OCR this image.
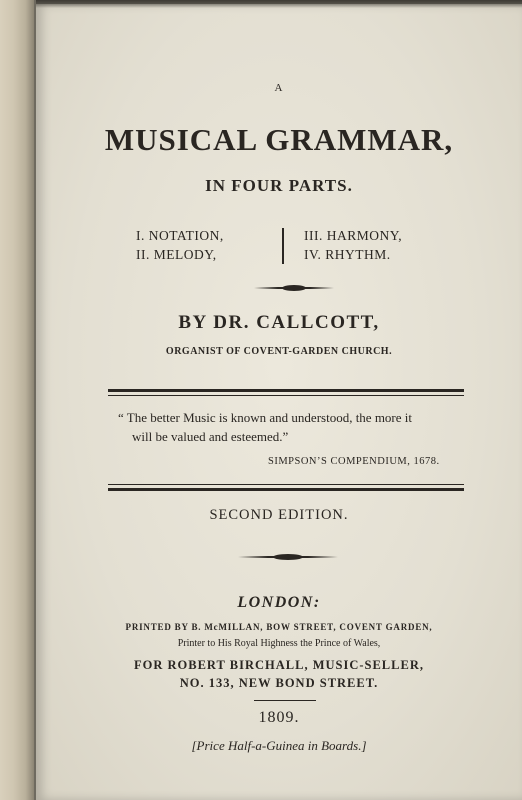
A
MUSICAL GRAMMAR,
IN FOUR PARTS.
I. NOTATION,
II. MELODY,
III. HARMONY,
IV. RHYTHM.
BY DR. CALLCOTT,
ORGANIST OF COVENT-GARDEN CHURCH.
“ The better Music is known and understood, the more it
will be valued and esteemed.”
SIMPSON’S COMPENDIUM, 1678.
SECOND EDITION.
LONDON:
PRINTED BY B. McMILLAN, BOW STREET, COVENT GARDEN,
Printer to His Royal Highness the Prince of Wales,
FOR ROBERT BIRCHALL, MUSIC-SELLER,
NO. 133, NEW BOND STREET.
1809.
[Price Half-a-Guinea in Boards.]
